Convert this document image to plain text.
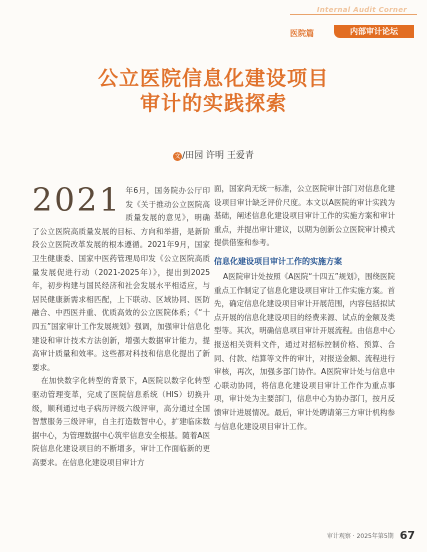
Internal Audit Corner
医院篇	内部审计论坛
公立医院信息化建设项目
审计的实践探索
文 /田园 许明 王爱青

2021 年6月，国务院办公厅印发《关于推动公立医院高质量发展的意见》，明确了公立医院高质量发展的目标、方向和举措，是新阶段公立医院改革发展的根本遵循。2021年9月，国家卫生健康委、国家中医药管理局印发《公立医院高质量发展促进行动（2021-2025年）》，提出到2025年，初步构建与国民经济和社会发展水平相适应，与居民健康新需求相匹配，上下联动、区域协同、医防融合、中西医并重、优质高效的公立医院体系；《“十四五”国家审计工作发展规划》强调，加强审计信息化建设和审计技术方法创新，增强大数据审计能力，提高审计质量和效率。这些都对科技和信息化提出了新要求。

在加快数字化转型的背景下，A医院以数字化转型驱动管理变革，完成了医院信息系统（HIS）切换升级，顺利通过电子病历评级六级评审，高分通过全国智慧服务三级评审，自主打造数智中心，扩建临床数据中心，为管理数据中心筑牢信息安全根基。随着A医院信息化建设项目的不断增多，审计工作面临新的更高要求。在信息化建设项目审计方

面，国家尚无统一标准，公立医院审计部门对信息化建设项目审计缺乏评价尺度。本文以A医院的审计实践为基础，阐述信息化建设项目审计工作的实施方案和审计重点，并提出审计建议，以期为创新公立医院审计模式提供借鉴和参考。

信息化建设项目审计工作的实施方案

A医院审计处按照《A医院“十四五”规划》，围绕医院重点工作制定了信息化建设项目审计工作实施方案。首先，确定信息化建设项目审计开展范围，内容包括拟试点开展的信息化建设项目的经费来源、试点的金额及类型等。其次，明确信息项目审计开展流程。由信息中心报送相关资料文件，通过对招标控制价格、预算、合同、付款、结算等文件的审计，对报送金额、流程进行审核，再次，加强多部门协作。A医院审计处与信息中心联动协同，将信息化建设项目审计工作作为重点事项，审计处为主要部门，信息中心为协办部门，按月反馈审计进展情况。最后，审计处聘请第三方审计机构参与信息化建设项目审计工作。

审计观察 · 2025年第5期 67
